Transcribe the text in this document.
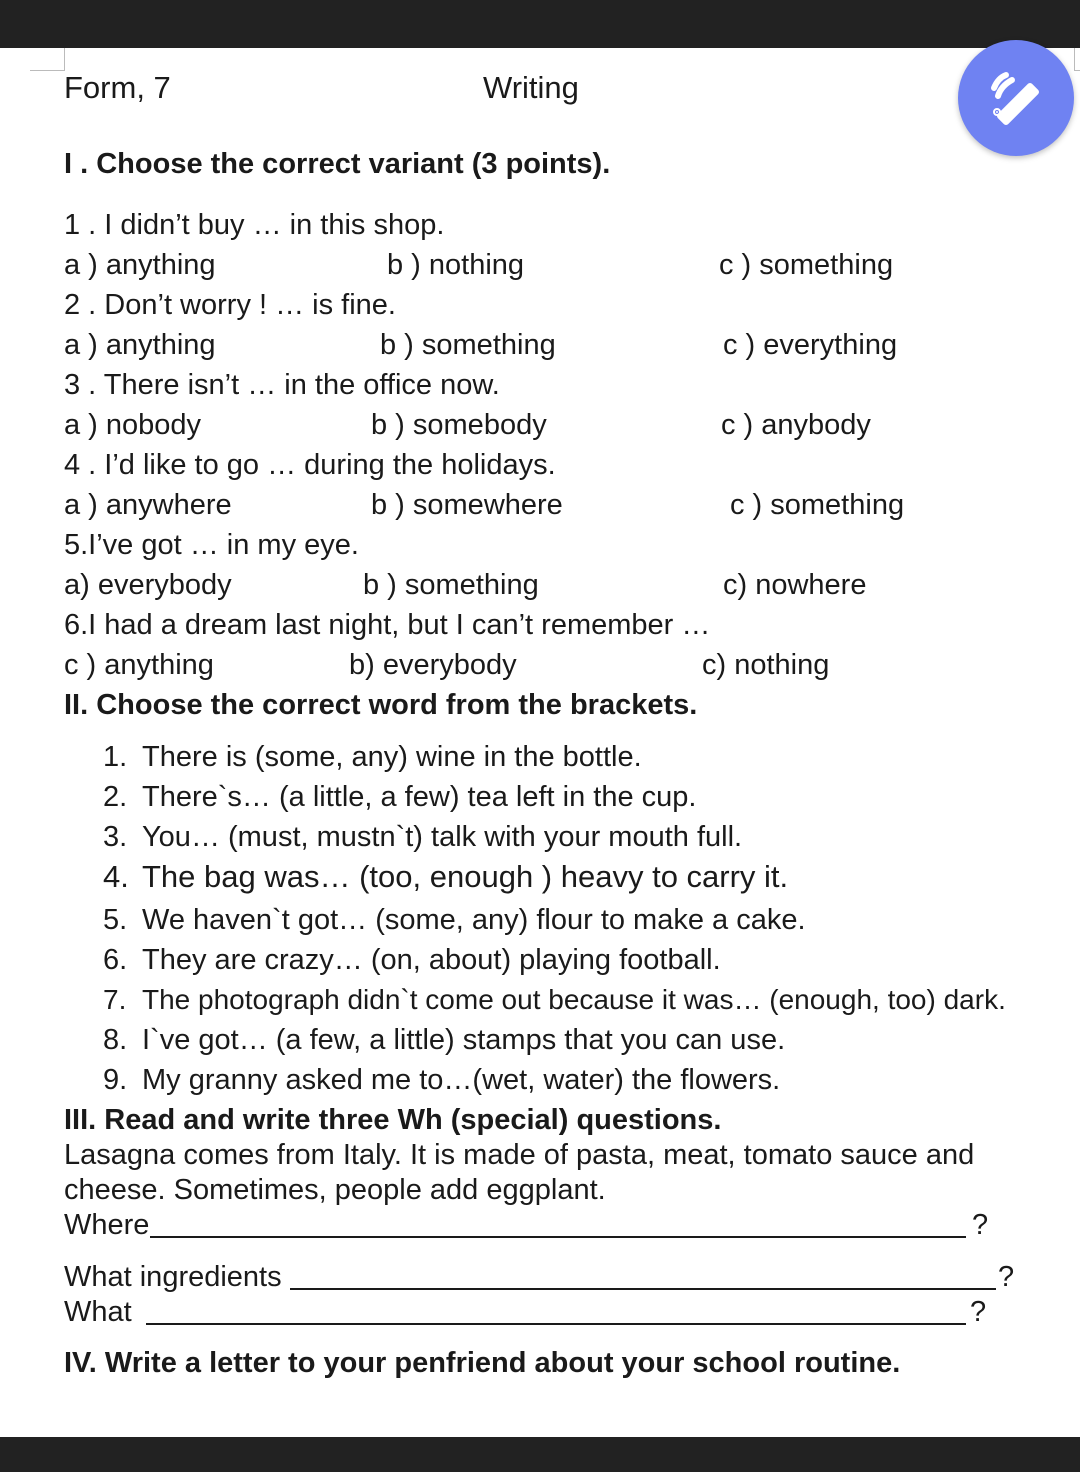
Form, 7	Writing
I . Choose the correct variant (3 points).
1 . I didn’t buy … in this shop.
a ) anything	b ) nothing	c ) something
2 . Don’t worry ! … is fine.
a ) anything	b ) something	c ) everything
3 . There isn’t … in the office now.
a ) nobody	b ) somebody	c ) anybody
4 . I’d like to go … during the holidays.
a ) anywhere	b ) somewhere	c ) something
5.I’ve got … in my eye.
a) everybody	b ) something	c) nowhere
6.I had a dream last night, but I can’t remember …
c ) anything	b) everybody	c) nothing
II. Choose the correct word from the brackets.
1. There is (some, any) wine in the bottle.
2. There`s… (a little, a few) tea left in the cup.
3. You… (must, mustn`t) talk with your mouth full.
4. The bag was… (too, enough ) heavy to carry it.
5. We haven`t got… (some, any) flour to make a cake.
6. They are crazy… (on, about) playing football.
7. The photograph didn`t come out because it was… (enough, too) dark.
8. I`ve got… (a few, a little) stamps that you can use.
9. My granny asked me to…(wet, water) the flowers.
III. Read and write three Wh (special) questions.
Lasagna comes from Italy. It is made of pasta, meat, tomato sauce and
cheese. Sometimes, people add eggplant.
Where	?
What ingredients	?
What	?
IV. Write a letter to your penfriend about your school routine.
